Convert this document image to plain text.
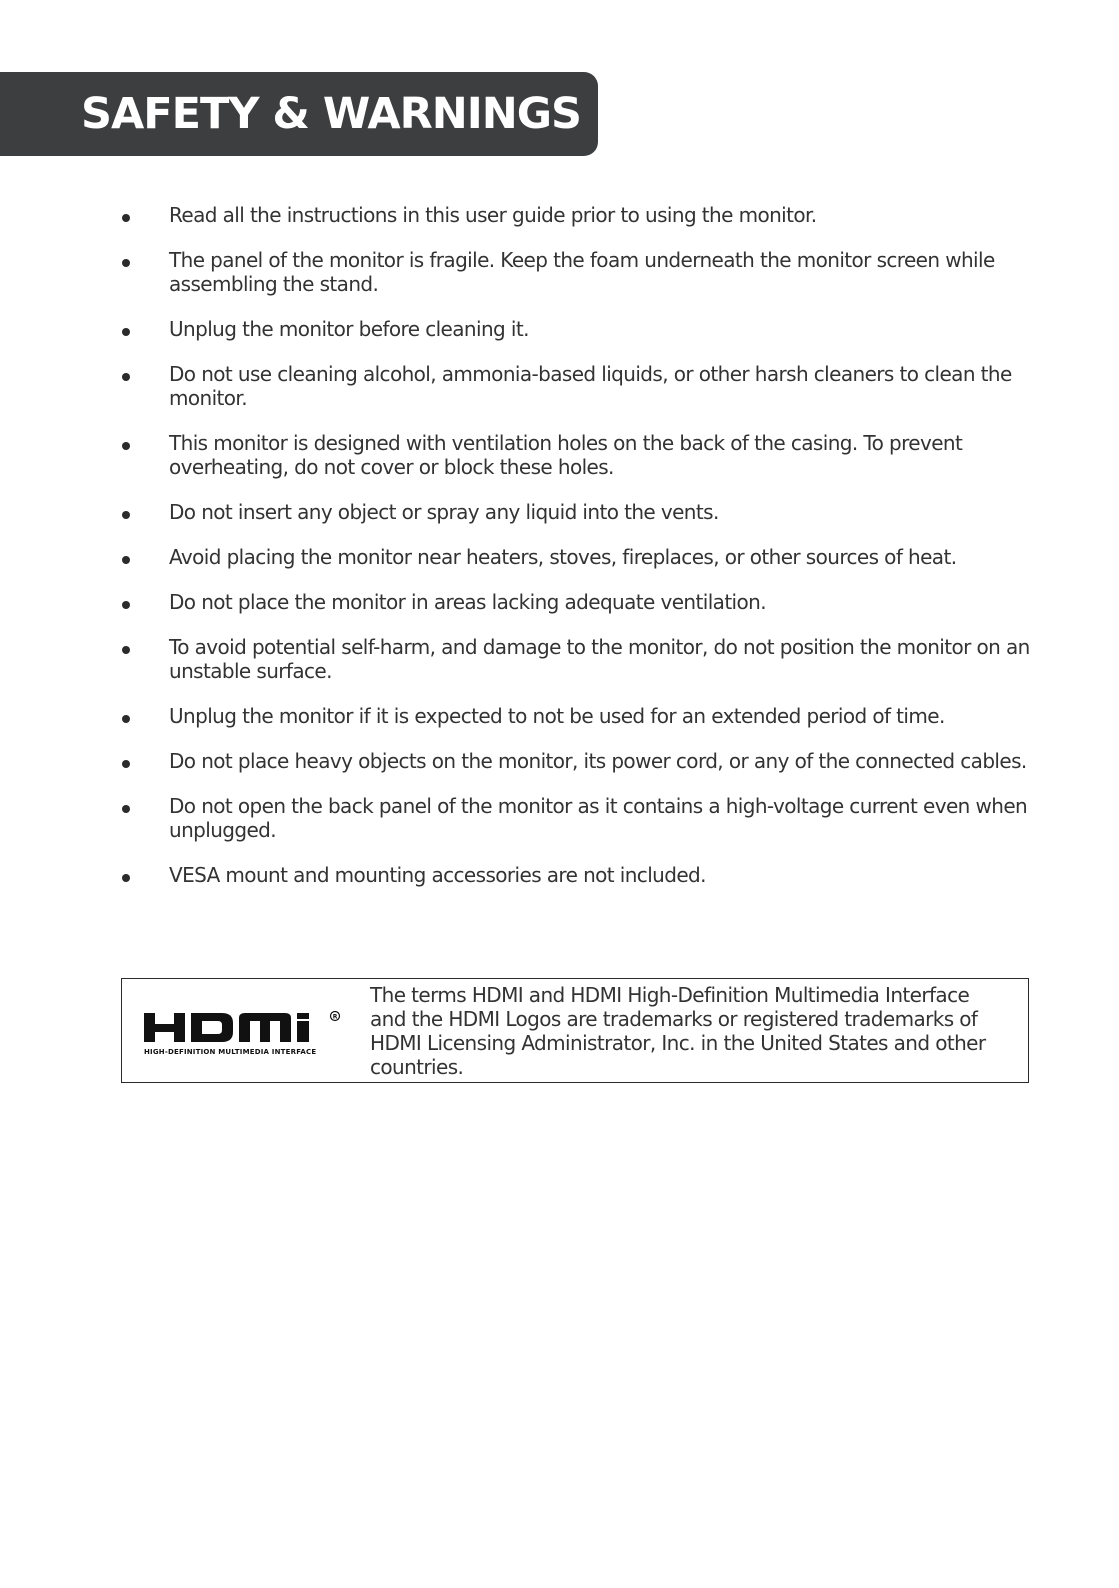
SAFETY & WARNINGS
Read all the instructions in this user guide prior to using the monitor.
The panel of the monitor is fragile. Keep the foam underneath the monitor screen while assembling the stand.
Unplug the monitor before cleaning it.
Do not use cleaning alcohol, ammonia-based liquids, or other harsh cleaners to clean the monitor.
This monitor is designed with ventilation holes on the back of the casing. To prevent overheating, do not cover or block these holes.
Do not insert any object or spray any liquid into the vents.
Avoid placing the monitor near heaters, stoves, fireplaces, or other sources of heat.
Do not place the monitor in areas lacking adequate ventilation.
To avoid potential self-harm, and damage to the monitor, do not position the monitor on an unstable surface.
Unplug the monitor if it is expected to not be used for an extended period of time.
Do not place heavy objects on the monitor, its power cord, or any of the connected cables.
Do not open the back panel of the monitor as it contains a high-voltage current even when unplugged.
VESA mount and mounting accessories are not included.
R
HIGH-DEFINITION MULTIMEDIA INTERFACE
The terms HDMI and HDMI High-Definition Multimedia Interface and the HDMI Logos are trademarks or registered trademarks of HDMI Licensing Administrator, Inc. in the United States and other countries.
